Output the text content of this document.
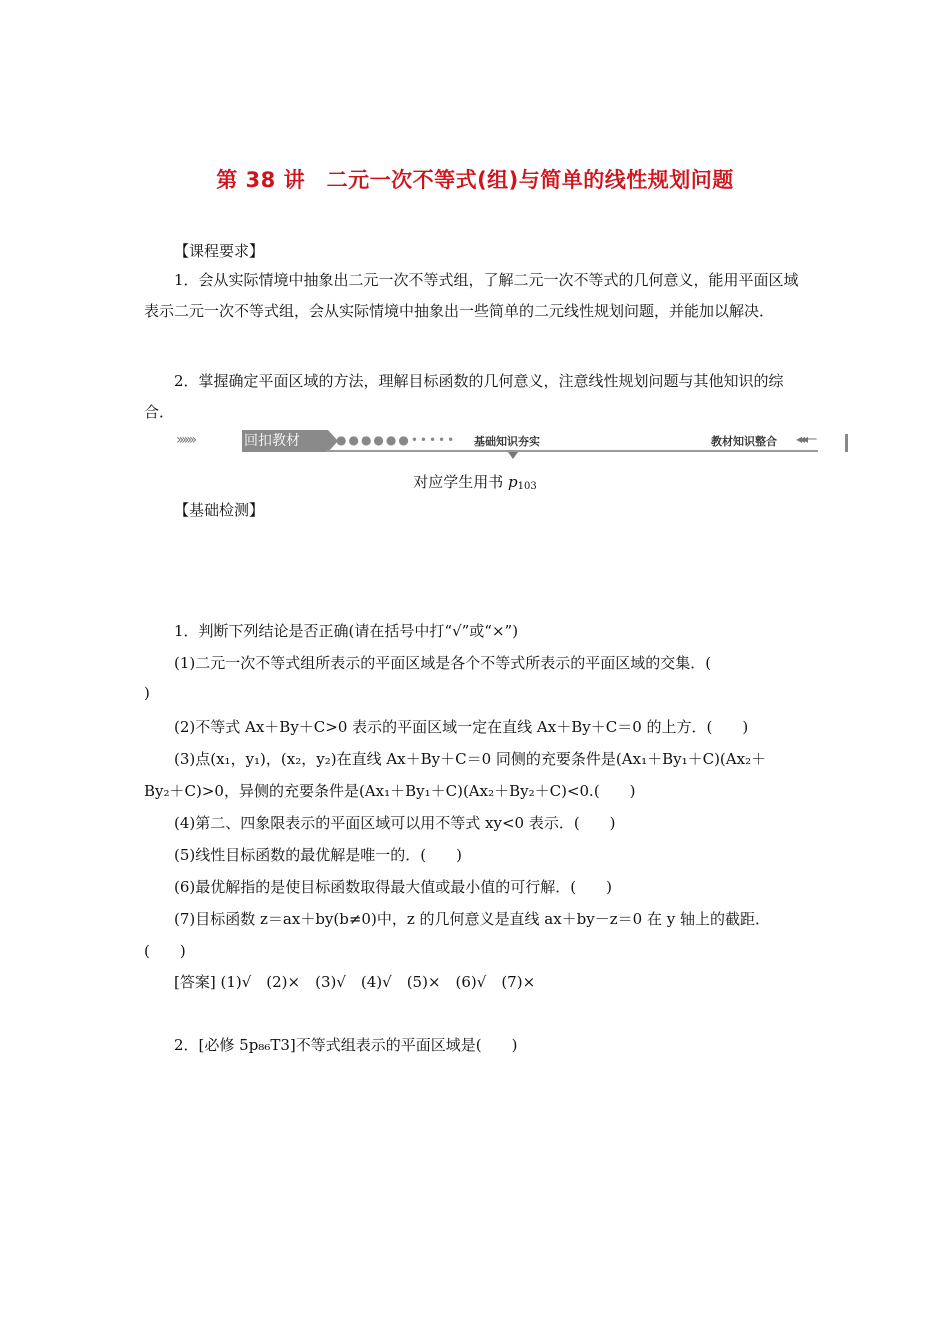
第 38 讲　二元一次不等式(组)与简单的线性规划问题
【课程要求】
1．会从实际情境中抽象出二元一次不等式组，了解二元一次不等式的几何意义，能用平面区域表示二元一次不等式组，会从实际情境中抽象出一些简单的二元线性规划问题，并能加以解决．
2．掌握确定平面区域的方法，理解目标函数的几何意义，注意线性规划问题与其他知识的综合．
›››››››	回扣教材	●●●●●●••••• 基础知识夯实	教材知识整合 ◂◂◂──
对应学生用书 $p_{103}$
【基础检测】
1．判断下列结论是否正确(请在括号中打“√”或“×”)
(1)二元一次不等式组所表示的平面区域是各个不等式所表示的平面区域的交集．(
)
(2)不等式 Ax＋By＋C>0 表示的平面区域一定在直线 Ax＋By＋C＝0 的上方．(　　)
(3)点(x₁，y₁)，(x₂，y₂)在直线 Ax＋By＋C＝0 同侧的充要条件是(Ax₁＋By₁＋C)(Ax₂＋
By₂＋C)>0，异侧的充要条件是(Ax₁＋By₁＋C)(Ax₂＋By₂＋C)<0.(　　)
(4)第二、四象限表示的平面区域可以用不等式 xy<0 表示．(　　)
(5)线性目标函数的最优解是唯一的．(　　)
(6)最优解指的是使目标函数取得最大值或最小值的可行解．(　　)
(7)目标函数 z＝ax＋by(b≠0)中，z 的几何意义是直线 ax＋by－z＝0 在 y 轴上的截距．
(　　)
[答案] (1)√　(2)×　(3)√　(4)√　(5)×　(6)√　(7)×
2．[必修 5p₈₆T3]不等式组表示的平面区域是(　　)
